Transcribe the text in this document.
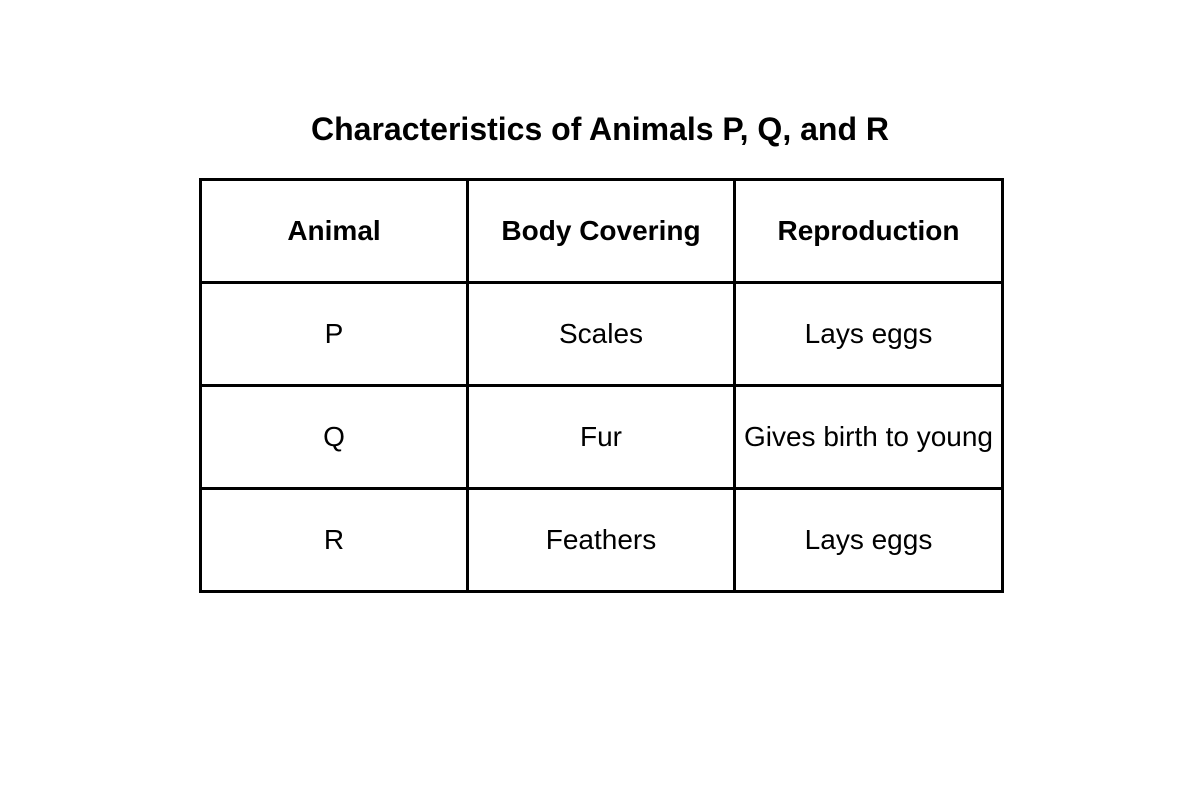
Characteristics of Animals P, Q, and R
Animal	Body Covering	Reproduction
P	Scales	Lays eggs
Q	Fur	Gives birth to young
R	Feathers	Lays eggs
